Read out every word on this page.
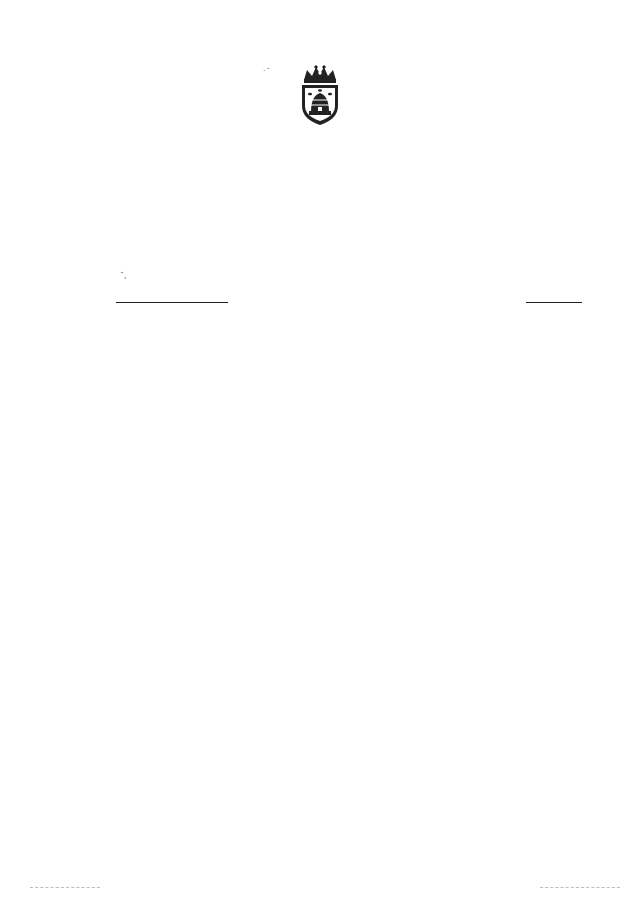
· ˘
˘,
